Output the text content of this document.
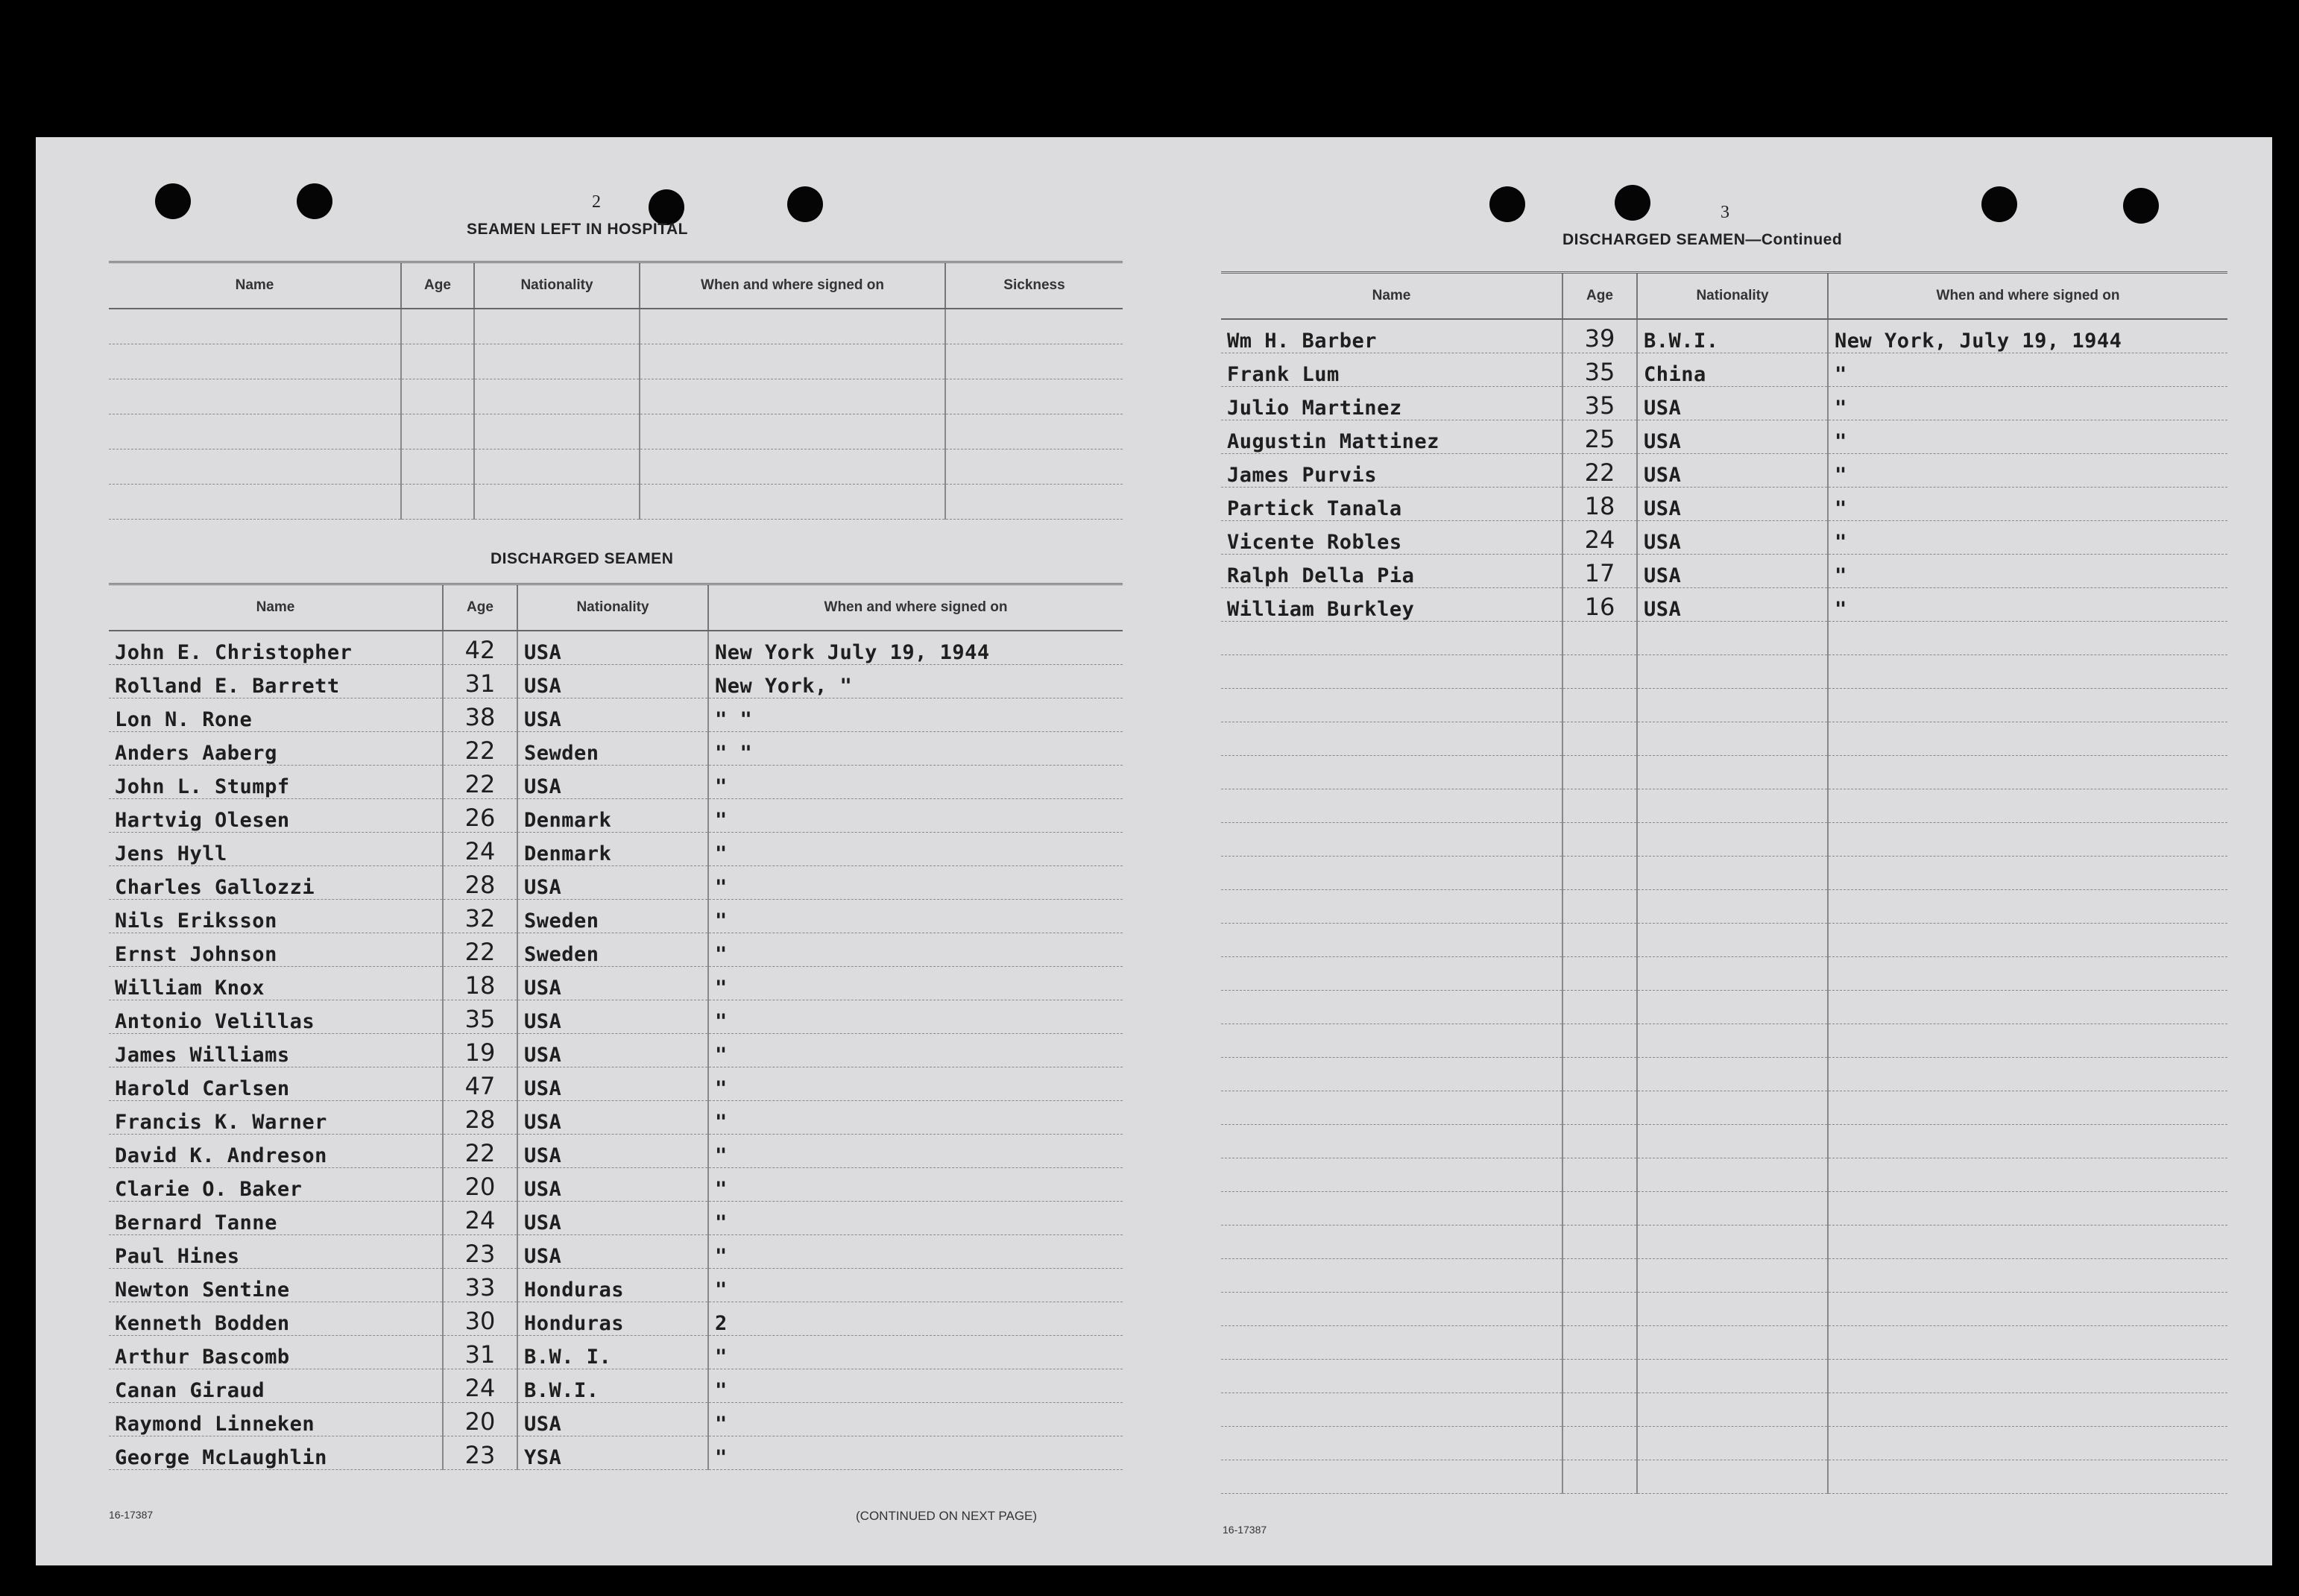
2
SEAMEN LEFT IN HOSPITAL
Name	Age	Nationality	When and where signed on	Sickness

DISCHARGED SEAMEN
Name	Age	Nationality	When and where signed on
John E. Christopher	42	USA	New York July 19, 1944
Rolland E. Barrett	31	USA	New York, "
Lon N. Rone	38	USA	" "
Anders Aaberg	22	Sewden	" "
John L. Stumpf	22	USA	"
Hartvig Olesen	26	Denmark	"
Jens Hyll	24	Denmark	"
Charles Gallozzi	28	USA	"
Nils Eriksson	32	Sweden	"
Ernst Johnson	22	Sweden	"
William Knox	18	USA	"
Antonio Velillas	35	USA	"
James Williams	19	USA	"
Harold Carlsen	47	USA	"
Francis K. Warner	28	USA	"
David K. Andreson	22	USA	"
Clarie O. Baker	20	USA	"
Bernard Tanne	24	USA	"
Paul Hines	23	USA	"
Newton Sentine	33	Honduras	"
Kenneth Bodden	30	Honduras	2
Arthur Bascomb	31	B.W. I.	"
Canan Giraud	24	B.W.I.	"
Raymond Linneken	20	USA	"
George McLaughlin	23	YSA	"
16-17387	(CONTINUED ON NEXT PAGE)
3
DISCHARGED SEAMEN—Continued
Name	Age	Nationality	When and where signed on
Wm H. Barber	39	B.W.I.	New York, July 19, 1944
Frank Lum	35	China	"
Julio Martinez	35	USA	"
Augustin Mattinez	25	USA	"
James Purvis	22	USA	"
Partick Tanala	18	USA	"
Vicente Robles	24	USA	"
Ralph Della Pia	17	USA	"
William Burkley	16	USA	"

16-17387
